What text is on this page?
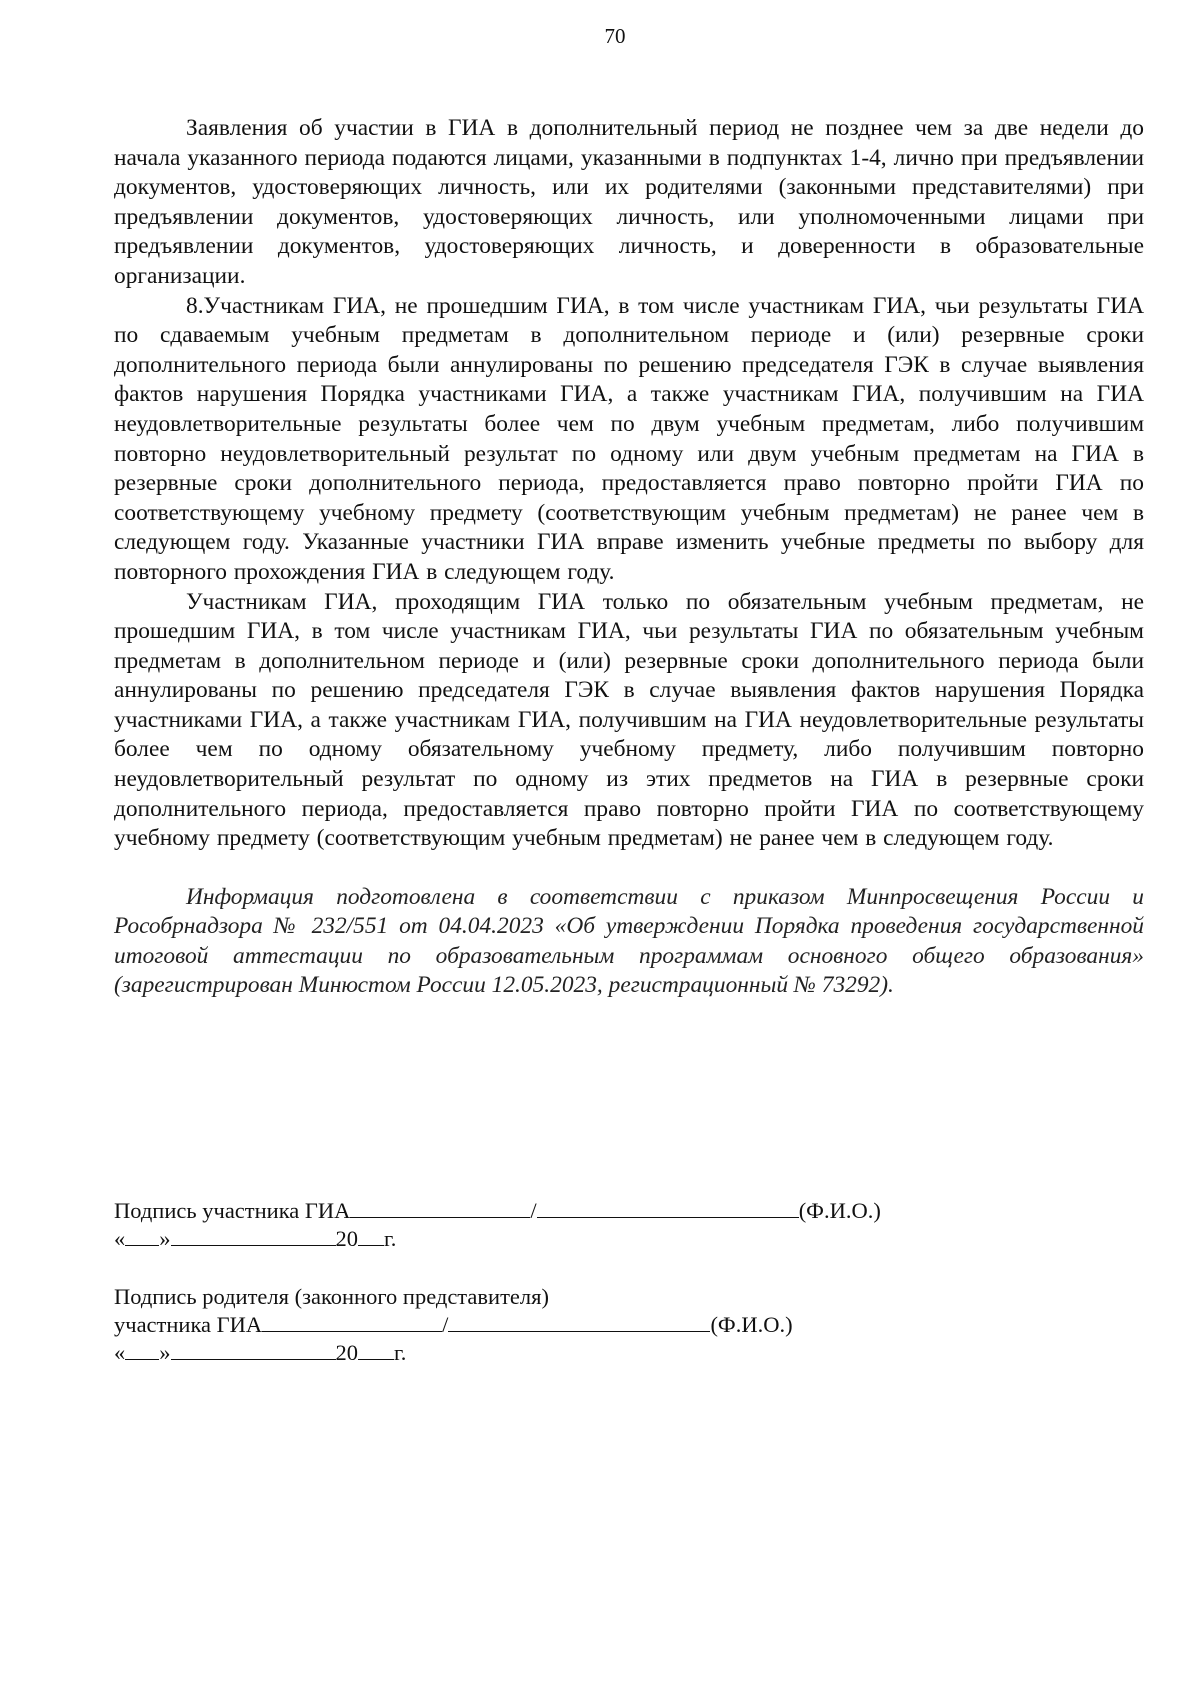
70

Заявления об участии в ГИА в дополнительный период не позднее чем за две недели до начала указанного периода подаются лицами, указанными в подпунктах 1-4, лично при предъявлении документов, удостоверяющих личность, или их родителями (законными представителями) при предъявлении документов, удостоверяющих личность, или уполномоченными лицами при предъявлении документов, удостоверяющих личность, и доверенности в образовательные организации.

8.Участникам ГИА, не прошедшим ГИА, в том числе участникам ГИА, чьи результаты ГИА по сдаваемым учебным предметам в дополнительном периоде и (или) резервные сроки дополнительного периода были аннулированы по решению председателя ГЭК в случае выявления фактов нарушения Порядка участниками ГИА, а также участникам ГИА, получившим на ГИА неудовлетворительные результаты более чем по двум учебным предметам, либо получившим повторно неудовлетворительный результат по одному или двум учебным предметам на ГИА в резервные сроки дополнительного периода, предоставляется право повторно пройти ГИА по соответствующему учебному предмету (соответствующим учебным предметам) не ранее чем в следующем году. Указанные участники ГИА вправе изменить учебные предметы по выбору для повторного прохождения ГИА в следующем году.

Участникам ГИА, проходящим ГИА только по обязательным учебным предметам, не прошедшим ГИА, в том числе участникам ГИА, чьи результаты ГИА по обязательным учебным предметам в дополнительном периоде и (или) резервные сроки дополнительного периода были аннулированы по решению председателя ГЭК в случае выявления фактов нарушения Порядка участниками ГИА, а также участникам ГИА, получившим на ГИА неудовлетворительные результаты более чем по одному обязательному учебному предмету, либо получившим повторно неудовлетворительный результат по одному из этих предметов на ГИА в резервные сроки дополнительного периода, предоставляется право повторно пройти ГИА по соответствующему учебному предмету (соответствующим учебным предметам) не ранее чем в следующем году.

Информация подготовлена в соответствии с приказом Минпросвещения России и Рособрнадзора № 232/551 от 04.04.2023 «Об утверждении Порядка проведения государственной итоговой аттестации по образовательным программам основного общего образования» (зарегистрирован Минюстом России 12.05.2023, регистрационный № 73292).

Подпись участника ГИА	/	(Ф.И.О.)
« »	20 г.
Подпись родителя (законного представителя)
участника ГИА	/	(Ф.И.О.)
« »	20 г.
